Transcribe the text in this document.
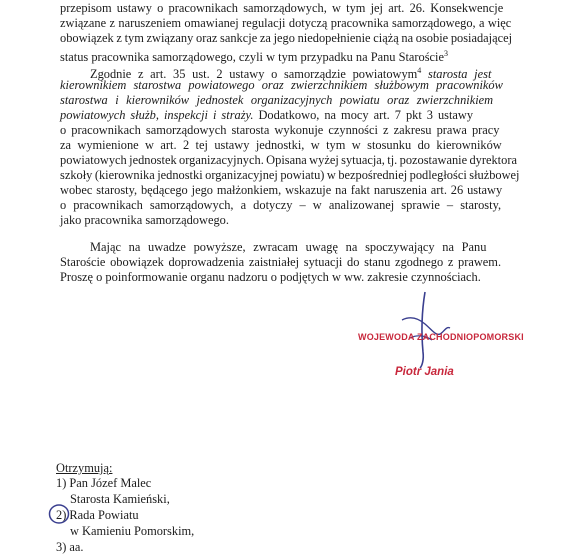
przepisom ustawy o pracownikach samorządowych, w tym jej art. 26. Konsekwencje
związane z naruszeniem omawianej regulacji dotyczą pracownika samorządowego, a więc
obowiązek z tym związany oraz sankcje za jego niedopełnienie ciążą na osobie posiadającej
status pracownika samorządowego, czyli w tym przypadku na Panu Staroście$^3$
Zgodnie z art. 35 ust. 2 ustawy o samorządzie powiatowym$^4$ starosta jest
kierownikiem starostwa powiatowego oraz zwierzchnikiem służbowym pracowników
starostwa i kierowników jednostek organizacyjnych powiatu oraz zwierzchnikiem
powiatowych służb, inspekcji i straży. Dodatkowo, na mocy art. 7 pkt 3 ustawy
o pracownikach samorządowych starosta wykonuje czynności z zakresu prawa pracy
za wymienione w art. 2 tej ustawy jednostki, w tym w stosunku do kierowników
powiatowych jednostek organizacyjnych. Opisana wyżej sytuacja, tj. pozostawanie dyrektora
szkoły (kierownika jednostki organizacyjnej powiatu) w bezpośredniej podległości służbowej
wobec starosty, będącego jego małżonkiem, wskazuje na fakt naruszenia art. 26 ustawy
o pracownikach samorządowych, a dotyczy – w analizowanej sprawie – starosty,
jako pracownika samorządowego.
Mając na uwadze powyższe, zwracam uwagę na spoczywający na Panu
Staroście obowiązek doprowadzenia zaistniałej sytuacji do stanu zgodnego z prawem.
Proszę o poinformowanie organu nadzoru o podjętych w ww. zakresie czynnościach.
WOJEWODA ZACHODNIOPOMORSKI
Piotr Jania
Otrzymują:
1) Pan Józef Malec
Starosta Kamieński,
2) Rada Powiatu
w Kamieniu Pomorskim,
3) aa.
